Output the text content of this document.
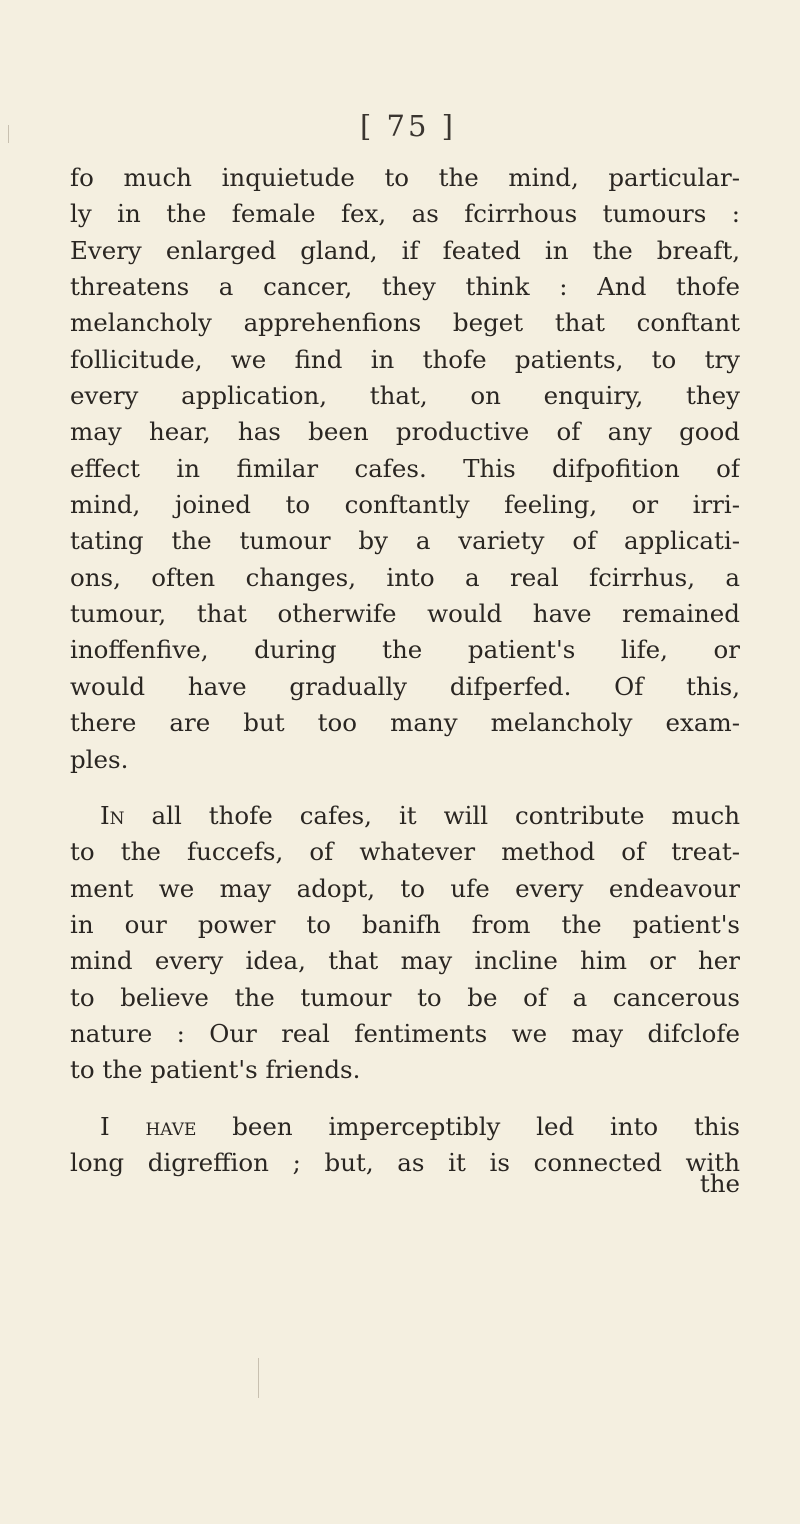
[ 75 ]
fo much inquietude to the mind, particular-
ly in the female fex, as fcirrhous tumours :
Every enlarged gland, if feated in the breaft,
threatens a cancer, they think : And thofe
melancholy apprehenfions beget that conftant
follicitude, we find in thofe patients, to try
every application, that, on enquiry, they
may hear, has been productive of any good
effect in fimilar cafes. This difpofition of
mind, joined to conftantly feeling, or irri-
tating the tumour by a variety of applicati-
ons, often changes, into a real fcirrhus, a
tumour, that otherwife would have remained
inoffenfive, during the patient's life, or
would have gradually difperfed. Of this,
there are but too many melancholy exam-
ples.
In all thofe cafes, it will contribute much
to the fuccefs, of whatever method of treat-
ment we may adopt, to ufe every endeavour
in our power to banifh from the patient's
mind every idea, that may incline him or her
to believe the tumour to be of a cancerous
nature : Our real fentiments we may difclofe
to the patient's friends.
I have been imperceptibly led into this
long digreffion ; but, as it is connected with
the
